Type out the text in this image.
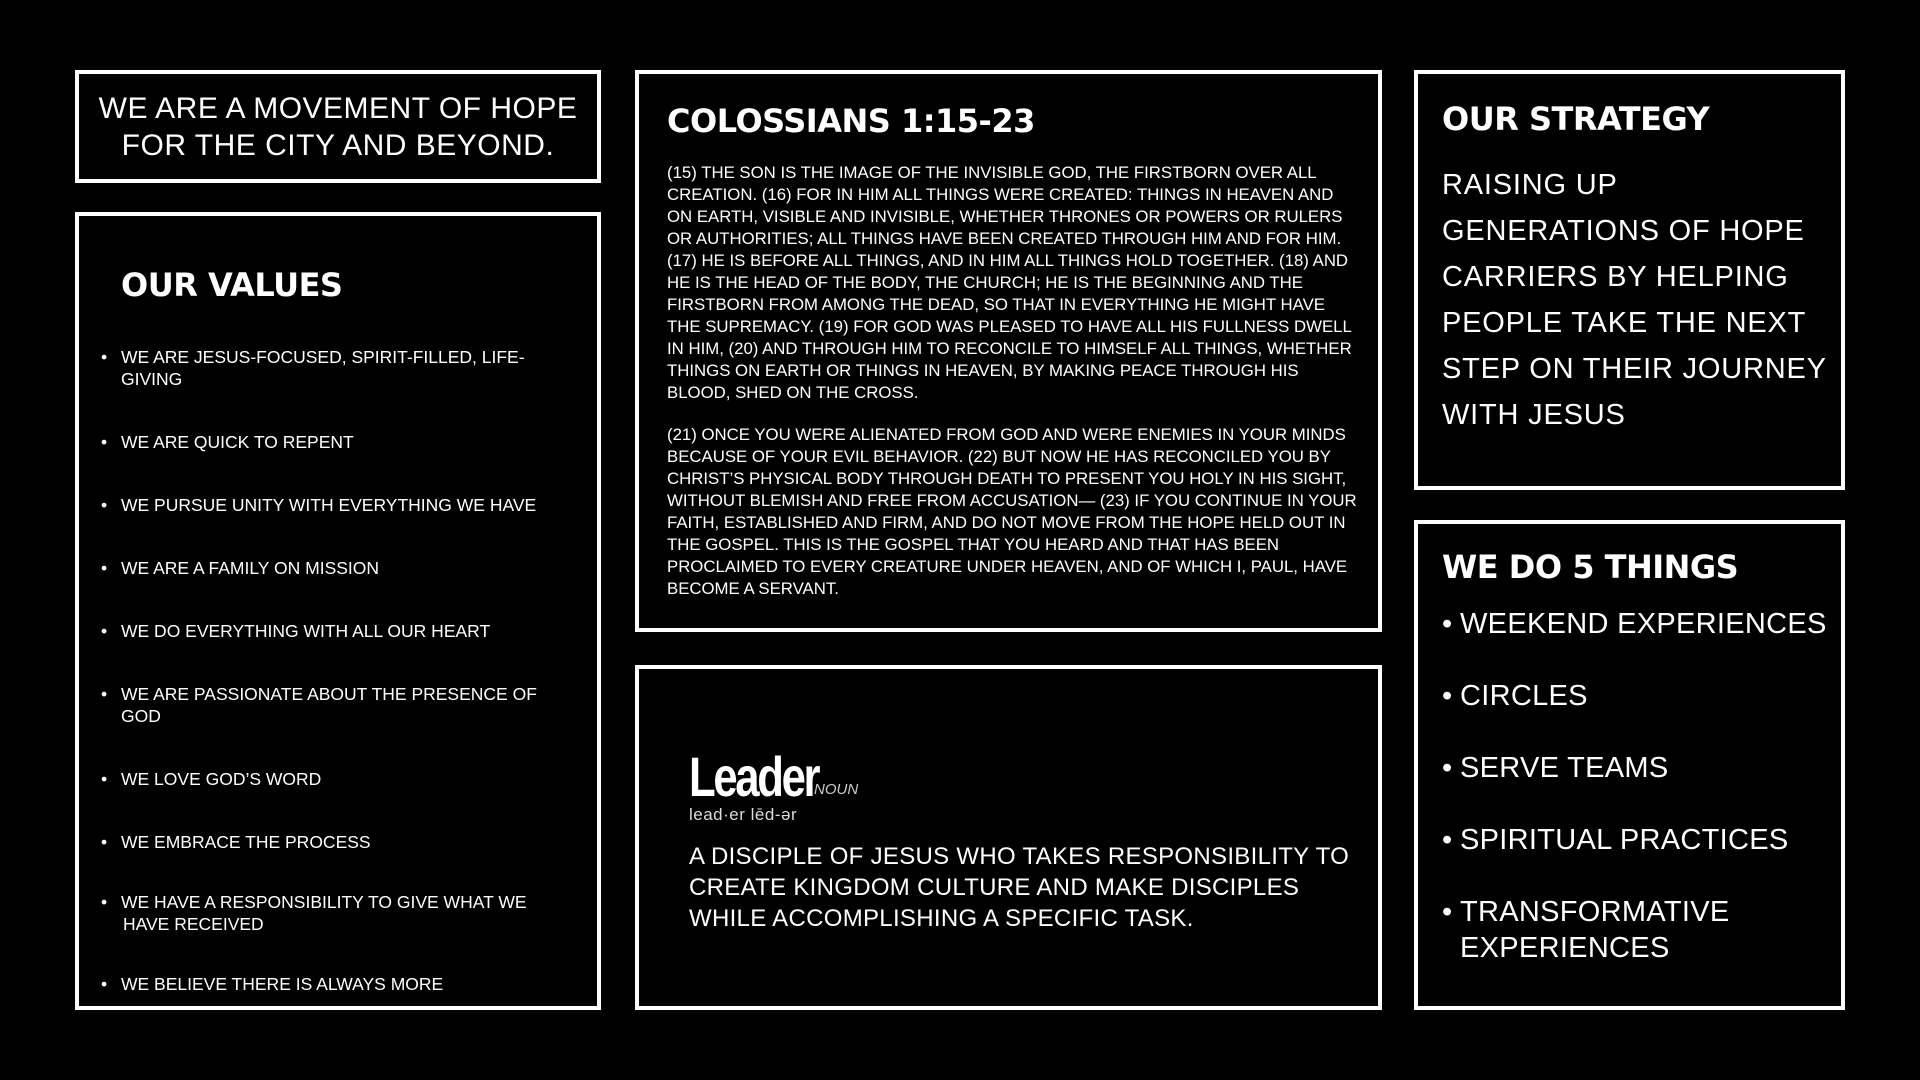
WE ARE A MOVEMENT OF HOPE
FOR THE CITY AND BEYOND.
OUR VALUES
• WE ARE JESUS-FOCUSED, SPIRIT-FILLED, LIFE-GIVING
• WE ARE QUICK TO REPENT
• WE PURSUE UNITY WITH EVERYTHING WE HAVE
• WE ARE A FAMILY ON MISSION
• WE DO EVERYTHING WITH ALL OUR HEART
• WE ARE PASSIONATE ABOUT THE PRESENCE OF GOD
• WE LOVE GOD’S WORD
• WE EMBRACE THE PROCESS
• WE HAVE A RESPONSIBILITY TO GIVE WHAT WE
HAVE RECEIVED
• WE BELIEVE THERE IS ALWAYS MORE
COLOSSIANS 1:15-23

(15) THE SON IS THE IMAGE OF THE INVISIBLE GOD, THE FIRSTBORN OVER ALL CREATION. (16) FOR IN HIM ALL THINGS WERE CREATED: THINGS IN HEAVEN AND ON EARTH, VISIBLE AND INVISIBLE, WHETHER THRONES OR POWERS OR RULERS OR AUTHORITIES; ALL THINGS HAVE BEEN CREATED THROUGH HIM AND FOR HIM. (17) HE IS BEFORE ALL THINGS, AND IN HIM ALL THINGS HOLD TOGETHER. (18) AND HE IS THE HEAD OF THE BODY, THE CHURCH; HE IS THE BEGINNING AND THE FIRSTBORN FROM AMONG THE DEAD, SO THAT IN EVERYTHING HE MIGHT HAVE THE SUPREMACY. (19) FOR GOD WAS PLEASED TO HAVE ALL HIS FULLNESS DWELL IN HIM, (20) AND THROUGH HIM TO RECONCILE TO HIMSELF ALL THINGS, WHETHER THINGS ON EARTH OR THINGS IN HEAVEN, BY MAKING PEACE THROUGH HIS BLOOD, SHED ON THE CROSS.

(21) ONCE YOU WERE ALIENATED FROM GOD AND WERE ENEMIES IN YOUR MINDS BECAUSE OF YOUR EVIL BEHAVIOR. (22) BUT NOW HE HAS RECONCILED YOU BY CHRIST’S PHYSICAL BODY THROUGH DEATH TO PRESENT YOU HOLY IN HIS SIGHT, WITHOUT BLEMISH AND FREE FROM ACCUSATION— (23) IF YOU CONTINUE IN YOUR FAITH, ESTABLISHED AND FIRM, AND DO NOT MOVE FROM THE HOPE HELD OUT IN THE GOSPEL. THIS IS THE GOSPEL THAT YOU HEARD AND THAT HAS BEEN PROCLAIMED TO EVERY CREATURE UNDER HEAVEN, AND OF WHICH I, PAUL, HAVE BECOME A SERVANT.

Leader
NOUN
lead·er lēd-ər

A DISCIPLE OF JESUS WHO TAKES RESPONSIBILITY TO CREATE KINGDOM CULTURE AND MAKE DISCIPLES WHILE ACCOMPLISHING A SPECIFIC TASK.

OUR STRATEGY

RAISING UP GENERATIONS OF HOPE CARRIERS BY HELPING PEOPLE TAKE THE NEXT STEP ON THEIR JOURNEY WITH JESUS

WE DO 5 THINGS
• WEEKEND EXPERIENCES
• CIRCLES
• SERVE TEAMS
• SPIRITUAL PRACTICES
• TRANSFORMATIVE
EXPERIENCES
